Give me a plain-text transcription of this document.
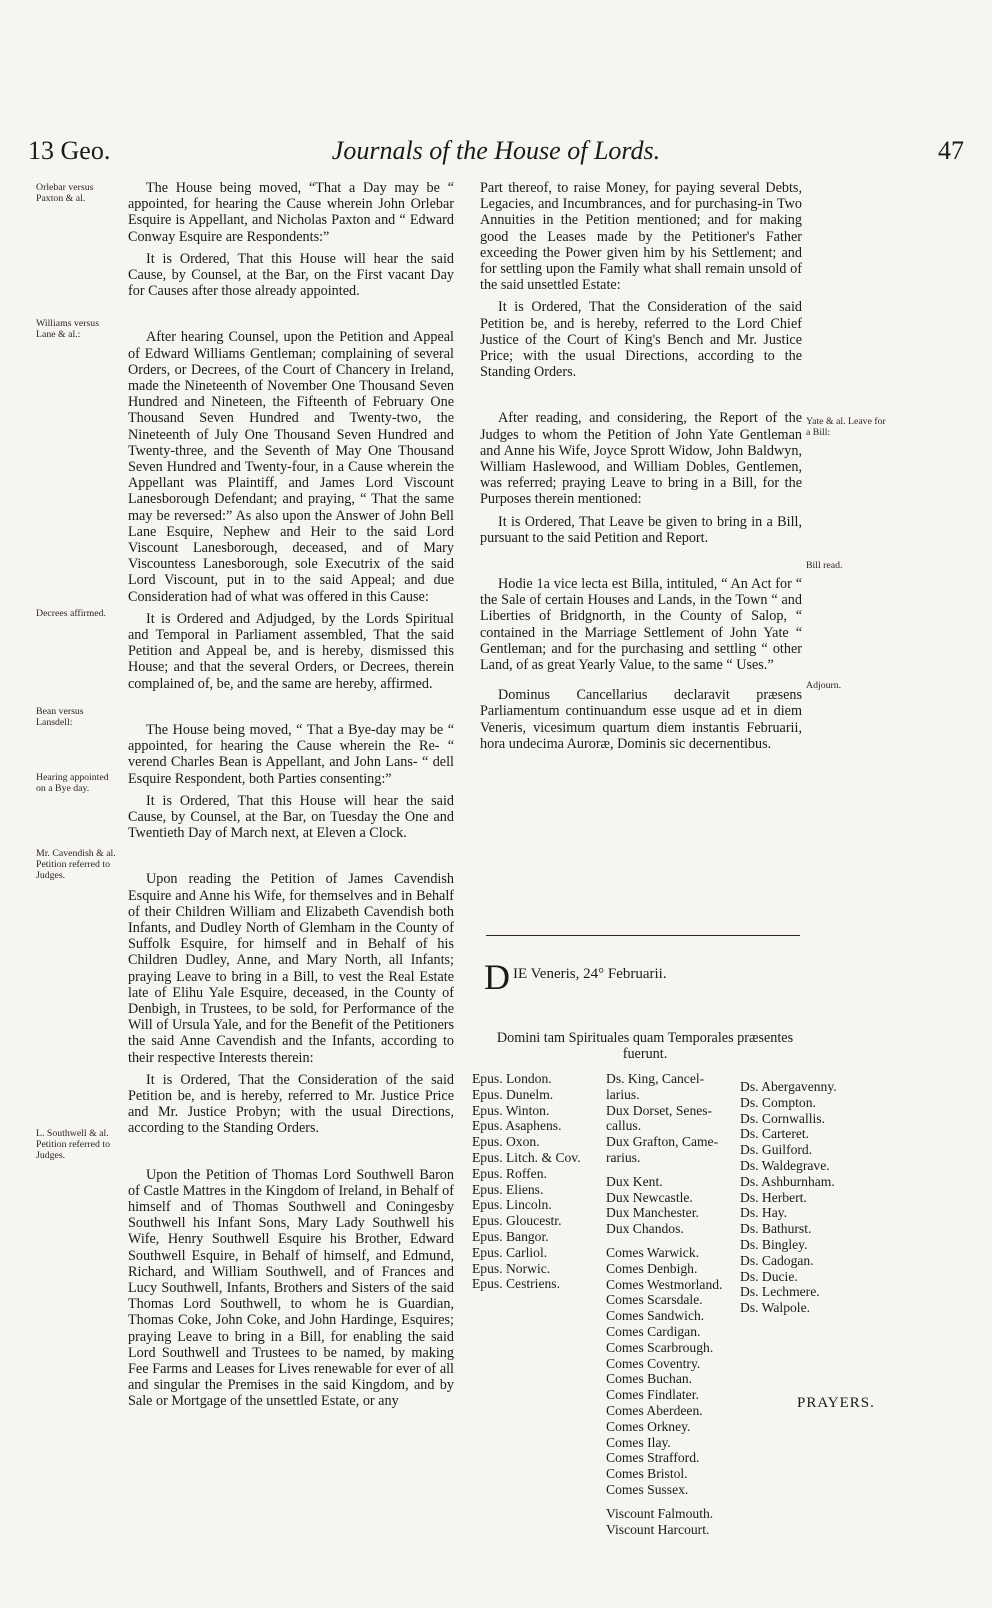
13 Geo.	Journals of the House of Lords.	47
Orlebar versus Paxton & al.
Williams versus Lane & al.:
Decrees affirmed.
Bean versus Lansdell:
Hearing appointed on a Bye day.
Mr. Cavendish & al. Petition referred to Judges.
L. Southwell & al. Petition referred to Judges.
Yate & al. Leave for a Bill:
Bill read.
Adjourn.

The House being moved, “That a Day may be “ appointed, for hearing the Cause wherein John Orlebar Esquire is Appellant, and Nicholas Paxton and “ Edward Conway Esquire are Respondents:”

It is Ordered, That this House will hear the said Cause, by Counsel, at the Bar, on the First vacant Day for Causes after those already appointed.

After hearing Counsel, upon the Petition and Appeal of Edward Williams Gentleman; complaining of several Orders, or Decrees, of the Court of Chancery in Ireland, made the Nineteenth of November One Thousand Seven Hundred and Nineteen, the Fifteenth of February One Thousand Seven Hundred and Twenty-two, the Nineteenth of July One Thousand Seven Hundred and Twenty-three, and the Seventh of May One Thousand Seven Hundred and Twenty-four, in a Cause wherein the Appellant was Plaintiff, and James Lord Viscount Lanesborough Defendant; and praying, “ That the same may be reversed:” As also upon the Answer of John Bell Lane Esquire, Nephew and Heir to the said Lord Viscount Lanesborough, deceased, and of Mary Viscountess Lanesborough, sole Executrix of the said Lord Viscount, put in to the said Appeal; and due Consideration had of what was offered in this Cause:

It is Ordered and Adjudged, by the Lords Spiritual and Temporal in Parliament assembled, That the said Petition and Appeal be, and is hereby, dismissed this House; and that the several Orders, or Decrees, therein complained of, be, and the same are hereby, affirmed.

The House being moved, “ That a Bye-day may be “ appointed, for hearing the Cause wherein the Re- “ verend Charles Bean is Appellant, and John Lans- “ dell Esquire Respondent, both Parties consenting:”

It is Ordered, That this House will hear the said Cause, by Counsel, at the Bar, on Tuesday the One and Twentieth Day of March next, at Eleven a Clock.

Upon reading the Petition of James Cavendish Esquire and Anne his Wife, for themselves and in Behalf of their Children William and Elizabeth Cavendish both Infants, and Dudley North of Glemham in the County of Suffolk Esquire, for himself and in Behalf of his Children Dudley, Anne, and Mary North, all Infants; praying Leave to bring in a Bill, to vest the Real Estate late of Elihu Yale Esquire, deceased, in the County of Denbigh, in Trustees, to be sold, for Performance of the Will of Ursula Yale, and for the Benefit of the Petitioners the said Anne Cavendish and the Infants, according to their respective Interests therein:

It is Ordered, That the Consideration of the said Petition be, and is hereby, referred to Mr. Justice Price and Mr. Justice Probyn; with the usual Directions, according to the Standing Orders.

Upon the Petition of Thomas Lord Southwell Baron of Castle Mattres in the Kingdom of Ireland, in Behalf of himself and of Thomas Southwell and Coningesby Southwell his Infant Sons, Mary Lady Southwell his Wife, Henry Southwell Esquire his Brother, Edward Southwell Esquire, in Behalf of himself, and Edmund, Richard, and William Southwell, and of Frances and Lucy Southwell, Infants, Brothers and Sisters of the said Thomas Lord Southwell, to whom he is Guardian, Thomas Coke, John Coke, and John Hardinge, Esquires; praying Leave to bring in a Bill, for enabling the said Lord Southwell and Trustees to be named, by making Fee Farms and Leases for Lives renewable for ever of all and singular the Premises in the said Kingdom, and by Sale or Mortgage of the unsettled Estate, or any

Part thereof, to raise Money, for paying several Debts, Legacies, and Incumbrances, and for purchasing-in Two Annuities in the Petition mentioned; and for making good the Leases made by the Petitioner's Father exceeding the Power given him by his Settlement; and for settling upon the Family what shall remain unsold of the said unsettled Estate:

It is Ordered, That the Consideration of the said Petition be, and is hereby, referred to the Lord Chief Justice of the Court of King's Bench and Mr. Justice Price; with the usual Directions, according to the Standing Orders.

After reading, and considering, the Report of the Judges to whom the Petition of John Yate Gentleman and Anne his Wife, Joyce Sprott Widow, John Baldwyn, William Haslewood, and William Dobles, Gentlemen, was referred; praying Leave to bring in a Bill, for the Purposes therein mentioned:

It is Ordered, That Leave be given to bring in a Bill, pursuant to the said Petition and Report.

Hodie 1a vice lecta est Billa, intituled, “ An Act for “ the Sale of certain Houses and Lands, in the Town “ and Liberties of Bridgnorth, in the County of Salop, “ contained in the Marriage Settlement of John Yate “ Gentleman; and for the purchasing and settling “ other Land, of as great Yearly Value, to the same “ Uses.”

Dominus Cancellarius declaravit præsens Parliamentum continuandum esse usque ad et in diem Veneris, vicesimum quartum diem instantis Februarii, hora undecima Auroræ, Dominis sic decernentibus.

D IE Veneris, 24° Februarii.
Domini tam Spirituales quam Temporales præsentes fuerunt.
Epus. London.
Epus. Dunelm.
Epus. Winton.
Epus. Asaphens.
Epus. Oxon.
Epus. Litch. & Cov.
Epus. Roffen.
Epus. Eliens.
Epus. Lincoln.
Epus. Gloucestr.
Epus. Bangor.
Epus. Carliol.
Epus. Norwic.
Epus. Cestriens.
Ds. King, Cancel-
larius.
Dux Dorset, Senes-
callus.
Dux Grafton, Came-
rarius.
Dux Kent.
Dux Newcastle.
Dux Manchester.
Dux Chandos.
Comes Warwick.
Comes Denbigh.
Comes Westmorland.
Comes Scarsdale.
Comes Sandwich.
Comes Cardigan.
Comes Scarbrough.
Comes Coventry.
Comes Buchan.
Comes Findlater.
Comes Aberdeen.
Comes Orkney.
Comes Ilay.
Comes Strafford.
Comes Bristol.
Comes Sussex.
Viscount Falmouth.
Viscount Harcourt.
Ds. Abergavenny.
Ds. Compton.
Ds. Cornwallis.
Ds. Carteret.
Ds. Guilford.
Ds. Waldegrave.
Ds. Ashburnham.
Ds. Herbert.
Ds. Hay.
Ds. Bathurst.
Ds. Bingley.
Ds. Cadogan.
Ds. Ducie.
Ds. Lechmere.
Ds. Walpole.
PRAYERS.
